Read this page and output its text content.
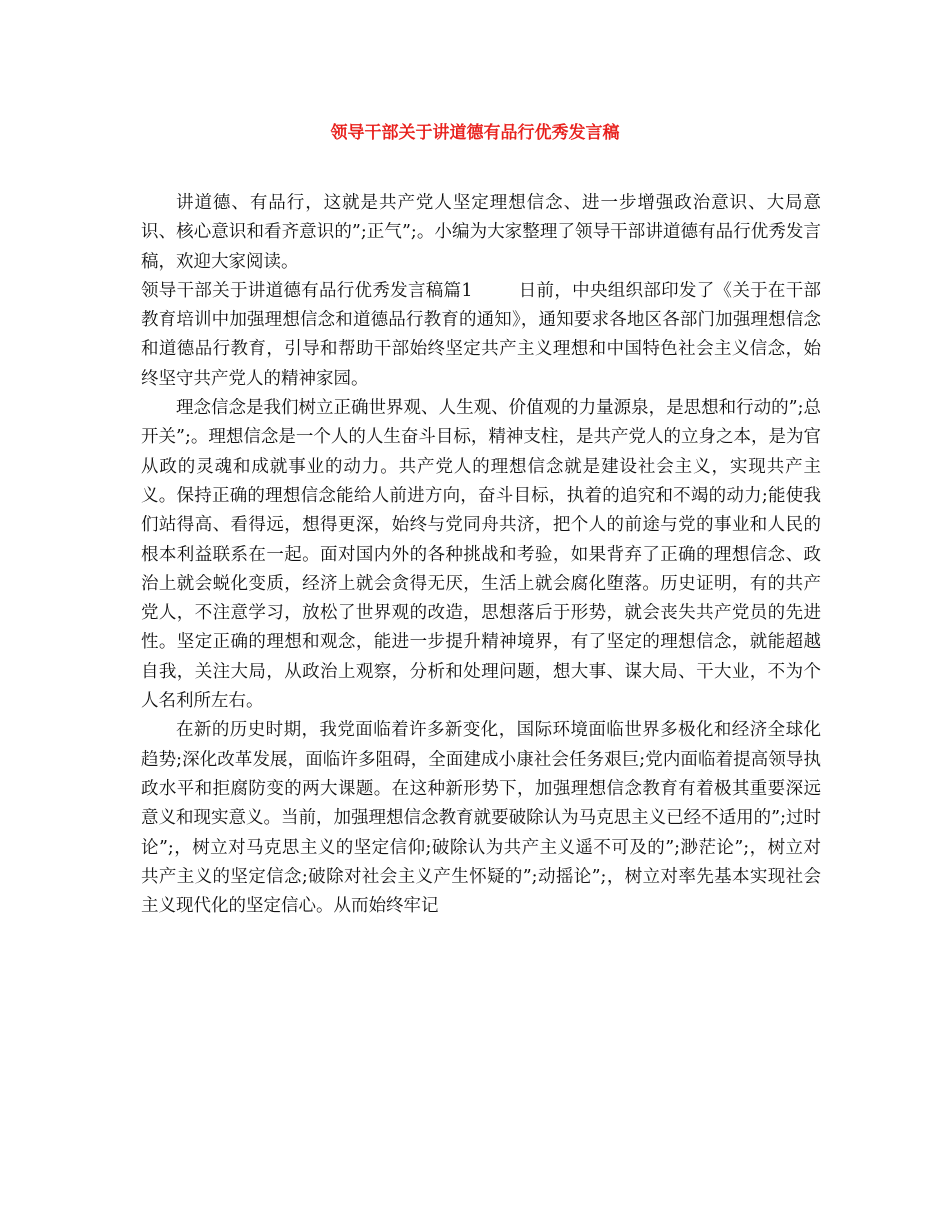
领导干部关于讲道德有品行优秀发言稿

讲道德、有品行，这就是共产党人坚定理想信念、进一步增强政治意识、大局意识、核心意识和看齐意识的”;正气”;。小编为大家整理了领导干部讲道德有品行优秀发言稿，欢迎大家阅读。

领导干部关于讲道德有品行优秀发言稿篇1	日前，中央组织部印发了《关于在干部教育培训中加强理想信念和道德品行教育的通知》，通知要求各地区各部门加强理想信念和道德品行教育，引导和帮助干部始终坚定共产主义理想和中国特色社会主义信念，始终坚守共产党人的精神家园。

理念信念是我们树立正确世界观、人生观、价值观的力量源泉，是思想和行动的”;总开关”;。理想信念是一个人的人生奋斗目标，精神支柱，是共产党人的立身之本，是为官从政的灵魂和成就事业的动力。共产党人的理想信念就是建设社会主义，实现共产主义。保持正确的理想信念能给人前进方向，奋斗目标，执着的追究和不竭的动力;能使我们站得高、看得远，想得更深，始终与党同舟共济，把个人的前途与党的事业和人民的根本利益联系在一起。面对国内外的各种挑战和考验，如果背弃了正确的理想信念、政治上就会蜕化变质，经济上就会贪得无厌，生活上就会腐化堕落。历史证明，有的共产党人，不注意学习，放松了世界观的改造，思想落后于形势，就会丧失共产党员的先进性。坚定正确的理想和观念，能进一步提升精神境界，有了坚定的理想信念，就能超越自我，关注大局，从政治上观察，分析和处理问题，想大事、谋大局、干大业，不为个人名利所左右。

在新的历史时期，我党面临着许多新变化，国际环境面临世界多极化和经济全球化趋势;深化改革发展，面临许多阻碍，全面建成小康社会任务艰巨;党内面临着提高领导执政水平和拒腐防变的两大课题。在这种新形势下，加强理想信念教育有着极其重要深远意义和现实意义。当前，加强理想信念教育就要破除认为马克思主义已经不适用的”;过时论”;，树立对马克思主义的坚定信仰;破除认为共产主义遥不可及的”;渺茫论”;，树立对共产主义的坚定信念;破除对社会主义产生怀疑的”;动摇论”;，树立对率先基本实现社会主义现代化的坚定信心。从而始终牢记
